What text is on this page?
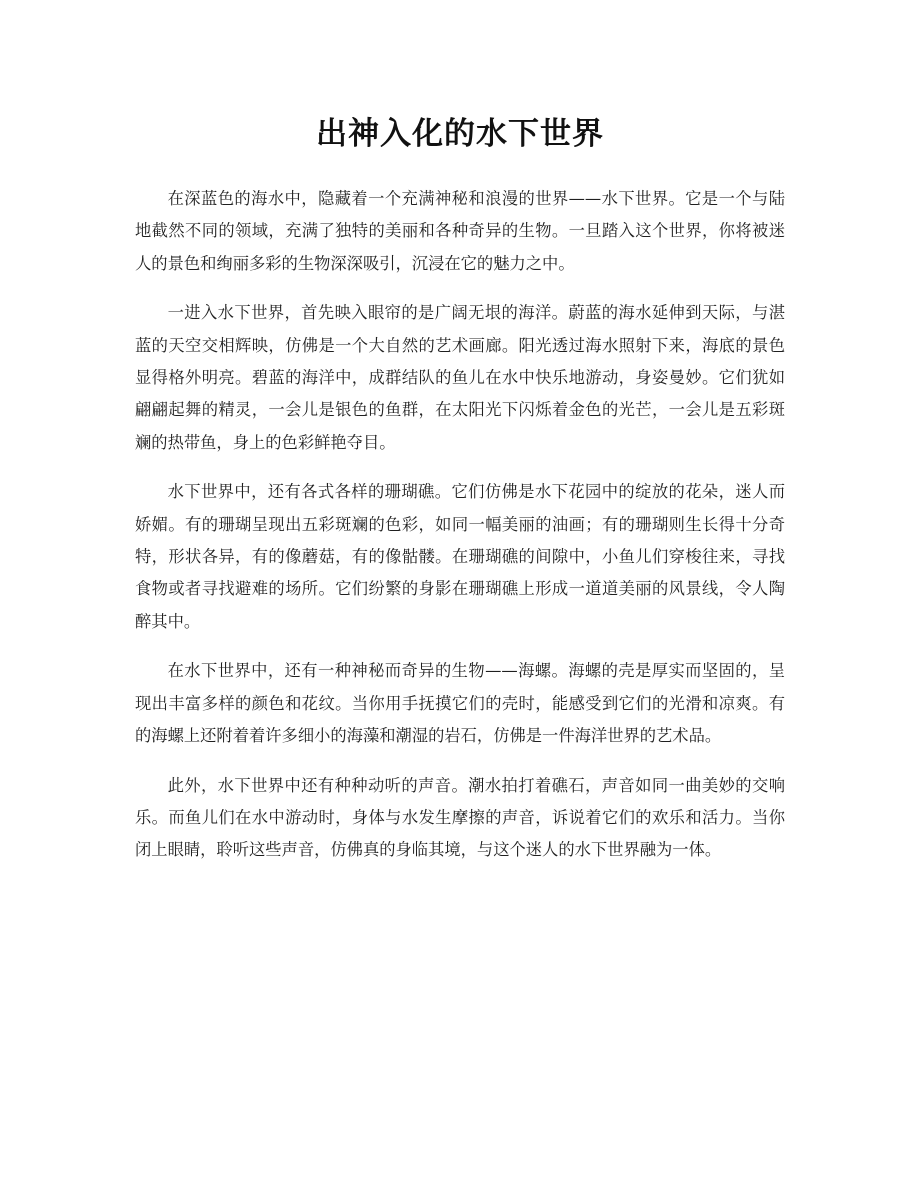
出神入化的水下世界

在深蓝色的海水中，隐藏着一个充满神秘和浪漫的世界——水下世界。它是一个与陆地截然不同的领域，充满了独特的美丽和各种奇异的生物。一旦踏入这个世界，你将被迷人的景色和绚丽多彩的生物深深吸引，沉浸在它的魅力之中。

一进入水下世界，首先映入眼帘的是广阔无垠的海洋。蔚蓝的海水延伸到天际，与湛蓝的天空交相辉映，仿佛是一个大自然的艺术画廊。阳光透过海水照射下来，海底的景色显得格外明亮。碧蓝的海洋中，成群结队的鱼儿在水中快乐地游动，身姿曼妙。它们犹如翩翩起舞的精灵，一会儿是银色的鱼群，在太阳光下闪烁着金色的光芒，一会儿是五彩斑斓的热带鱼，身上的色彩鲜艳夺目。

水下世界中，还有各式各样的珊瑚礁。它们仿佛是水下花园中的绽放的花朵，迷人而娇媚。有的珊瑚呈现出五彩斑斓的色彩，如同一幅美丽的油画；有的珊瑚则生长得十分奇特，形状各异，有的像蘑菇，有的像骷髅。在珊瑚礁的间隙中，小鱼儿们穿梭往来，寻找食物或者寻找避难的场所。它们纷繁的身影在珊瑚礁上形成一道道美丽的风景线，令人陶醉其中。

在水下世界中，还有一种神秘而奇异的生物——海螺。海螺的壳是厚实而坚固的，呈现出丰富多样的颜色和花纹。当你用手抚摸它们的壳时，能感受到它们的光滑和凉爽。有的海螺上还附着着许多细小的海藻和潮湿的岩石，仿佛是一件海洋世界的艺术品。

此外，水下世界中还有种种动听的声音。潮水拍打着礁石，声音如同一曲美妙的交响乐。而鱼儿们在水中游动时，身体与水发生摩擦的声音，诉说着它们的欢乐和活力。当你闭上眼睛，聆听这些声音，仿佛真的身临其境，与这个迷人的水下世界融为一体。
